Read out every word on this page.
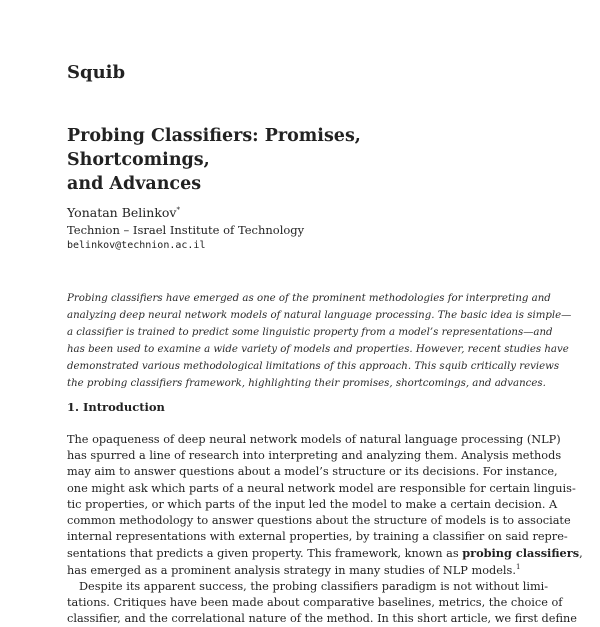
Squib
Probing Classifiers: Promises, Shortcomings,
and Advances
Yonatan Belinkov*
Technion – Israel Institute of Technology
belinkov@technion.ac.il
Probing classifiers have emerged as one of the prominent methodologies for interpreting and
analyzing deep neural network models of natural language processing. The basic idea is simple—
a classifier is trained to predict some linguistic property from a model’s representations—and
has been used to examine a wide variety of models and properties. However, recent studies have
demonstrated various methodological limitations of this approach. This squib critically reviews
the probing classifiers framework, highlighting their promises, shortcomings, and advances.
1. Introduction
The opaqueness of deep neural network models of natural language processing (NLP)
has spurred a line of research into interpreting and analyzing them. Analysis methods
may aim to answer questions about a model’s structure or its decisions. For instance,
one might ask which parts of a neural network model are responsible for certain linguis-
tic properties, or which parts of the input led the model to make a certain decision. A
common methodology to answer questions about the structure of models is to associate
internal representations with external properties, by training a classifier on said repre-
sentations that predicts a given property. This framework, known as probing classifiers,
has emerged as a prominent analysis strategy in many studies of NLP models.$^1$
Despite its apparent success, the probing classifiers paradigm is not without limi-
tations. Critiques have been made about comparative baselines, metrics, the choice of
classifier, and the correlational nature of the method. In this short article, we first define
